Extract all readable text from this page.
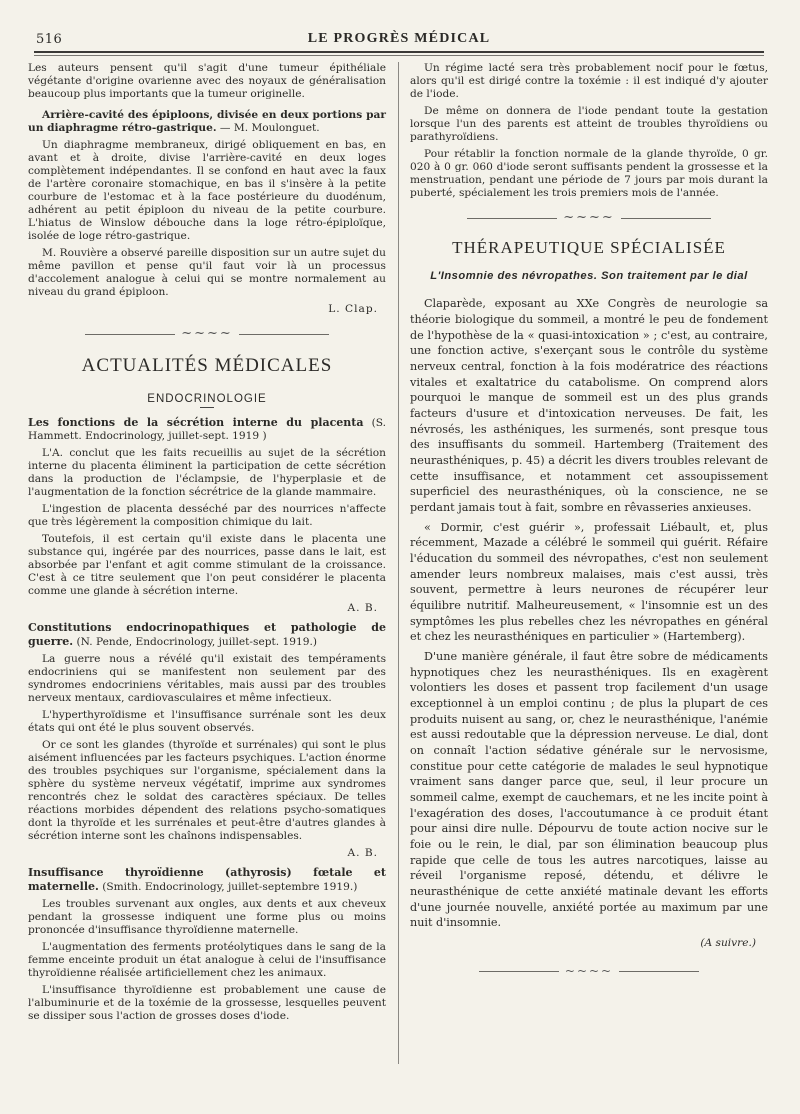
516	LE PROGRÈS MÉDICAL

Les auteurs pensent qu'il s'agit d'une tumeur épithéliale végétante d'origine ovarienne avec des noyaux de généralisation beaucoup plus importants que la tumeur originelle.

Arrière-cavité des épiploons, divisée en deux portions par un diaphragme rétro-gastrique. — M. Moulonguet.

Un diaphragme membraneux, dirigé obliquement en bas, en avant et à droite, divise l'arrière-cavité en deux loges complètement indépendantes. Il se confond en haut avec la faux de l'artère coronaire stomachique, en bas il s'insère à la petite courbure de l'estomac et à la face postérieure du duodénum, adhérent au petit épiploon du niveau de la petite courbure. L'hiatus de Winslow débouche dans la loge rétro-épiploïque, isolée de loge rétro-gastrique.

M. Rouvière a observé pareille disposition sur un autre sujet du même pavillon et pense qu'il faut voir là un processus d'accolement analogue à celui qui se montre normalement au niveau du grand épiploon.

L. Clap.
~~~~
ACTUALITÉS MÉDICALES
ENDOCRINOLOGIE

Les fonctions de la sécrétion interne du placenta (S. Hammett. Endocrinology, juillet-sept. 1919 )

L'A. conclut que les faits recueillis au sujet de la sécrétion interne du placenta éliminent la participation de cette sécrétion dans la production de l'éclampsie, de l'hyperplasie et de l'augmentation de la fonction sécrétrice de la glande mammaire.

L'ingestion de placenta desséché par des nourrices n'affecte que très légèrement la composition chimique du lait.

Toutefois, il est certain qu'il existe dans le placenta une substance qui, ingérée par des nourrices, passe dans le lait, est absorbée par l'enfant et agit comme stimulant de la croissance. C'est à ce titre seulement que l'on peut considérer le placenta comme une glande à sécrétion interne.

A. B.

Constitutions endocrinopathiques et pathologie de guerre. (N. Pende, Endocrinology, juillet-sept. 1919.)

La guerre nous a révélé qu'il existait des tempéraments endocriniens qui se manifestent non seulement par des syndromes endocriniens véritables, mais aussi par des troubles nerveux mentaux, cardiovasculaires et même infectieux.

L'hyperthyroïdisme et l'insuffisance surrénale sont les deux états qui ont été le plus souvent observés.

Or ce sont les glandes (thyroïde et surrénales) qui sont le plus aisément influencées par les facteurs psychiques. L'action énorme des troubles psychiques sur l'organisme, spécialement dans la sphère du système nerveux végétatif, imprime aux syndromes rencontrés chez le soldat des caractères spéciaux. De telles réactions morbides dépendent des relations psycho-somatiques dont la thyroïde et les surrénales et peut-être d'autres glandes à sécrétion interne sont les chaînons indispensables.

A. B.

Insuffisance thyroïdienne (athyrosis) fœtale et maternelle. (Smith. Endocrinology, juillet-septembre 1919.)

Les troubles survenant aux ongles, aux dents et aux cheveux pendant la grossesse indiquent une forme plus ou moins prononcée d'insuffisance thyroïdienne maternelle.

L'augmentation des ferments protéolytiques dans le sang de la femme enceinte produit un état analogue à celui de l'insuffisance thyroïdienne réalisée artificiellement chez les animaux.

L'insuffisance thyroïdienne est probablement une cause de l'albuminurie et de la toxémie de la grossesse, lesquelles peuvent se dissiper sous l'action de grosses doses d'iode.

Un régime lacté sera très probablement nocif pour le fœtus, alors qu'il est dirigé contre la toxémie : il est indiqué d'y ajouter de l'iode.

De même on donnera de l'iode pendant toute la gestation lorsque l'un des parents est atteint de troubles thyroïdiens ou parathyroïdiens.

Pour rétablir la fonction normale de la glande thyroïde, 0 gr. 020 à 0 gr. 060 d'iode seront suffisants pendent la grossesse et la menstruation, pendant une période de 7 jours par mois durant la puberté, spécialement les trois premiers mois de l'année.

~~~~
THÉRAPEUTIQUE SPÉCIALISÉE
L'Insomnie des névropathes. Son traitement par le dial

Claparède, exposant au XXe Congrès de neurologie sa théorie biologique du sommeil, a montré le peu de fondement de l'hypothèse de la « quasi-intoxication » ; c'est, au contraire, une fonction active, s'exerçant sous le contrôle du système nerveux central, fonction à la fois modératrice des réactions vitales et exaltatrice du catabolisme. On comprend alors pourquoi le manque de sommeil est un des plus grands facteurs d'usure et d'intoxication nerveuses. De fait, les névrosés, les asthéniques, les surmenés, sont presque tous des insuffisants du sommeil. Hartemberg (Traitement des neurasthéniques, p. 45) a décrit les divers troubles relevant de cette insuffisance, et notamment cet assoupissement superficiel des neurasthéniques, où la conscience, ne se perdant jamais tout à fait, sombre en rêvasseries anxieuses.

« Dormir, c'est guérir », professait Liébault, et, plus récemment, Mazade a célébré le sommeil qui guérit. Réfaire l'éducation du sommeil des névropathes, c'est non seulement amender leurs nombreux malaises, mais c'est aussi, très souvent, permettre à leurs neurones de récupérer leur équilibre nutritif. Malheureusement, « l'insomnie est un des symptômes les plus rebelles chez les névropathes en général et chez les neurasthéniques en particulier » (Hartemberg).

D'une manière générale, il faut être sobre de médicaments hypnotiques chez les neurasthéniques. Ils en exagèrent volontiers les doses et passent trop facilement d'un usage exceptionnel à un emploi continu ; de plus la plupart de ces produits nuisent au sang, or, chez le neurasthénique, l'anémie est aussi redoutable que la dépression nerveuse. Le dial, dont on connaît l'action sédative générale sur le nervosisme, constitue pour cette catégorie de malades le seul hypnotique vraiment sans danger parce que, seul, il leur procure un sommeil calme, exempt de cauchemars, et ne les incite point à l'exagération des doses, l'accoutumance à ce produit étant pour ainsi dire nulle. Dépourvu de toute action nocive sur le foie ou le rein, le dial, par son élimination beaucoup plus rapide que celle de tous les autres narcotiques, laisse au réveil l'organisme reposé, détendu, et délivre le neurasthénique de cette anxiété matinale devant les efforts d'une journée nouvelle, anxiété portée au maximum par une nuit d'insomnie.

(A suivre.)
~~~~
